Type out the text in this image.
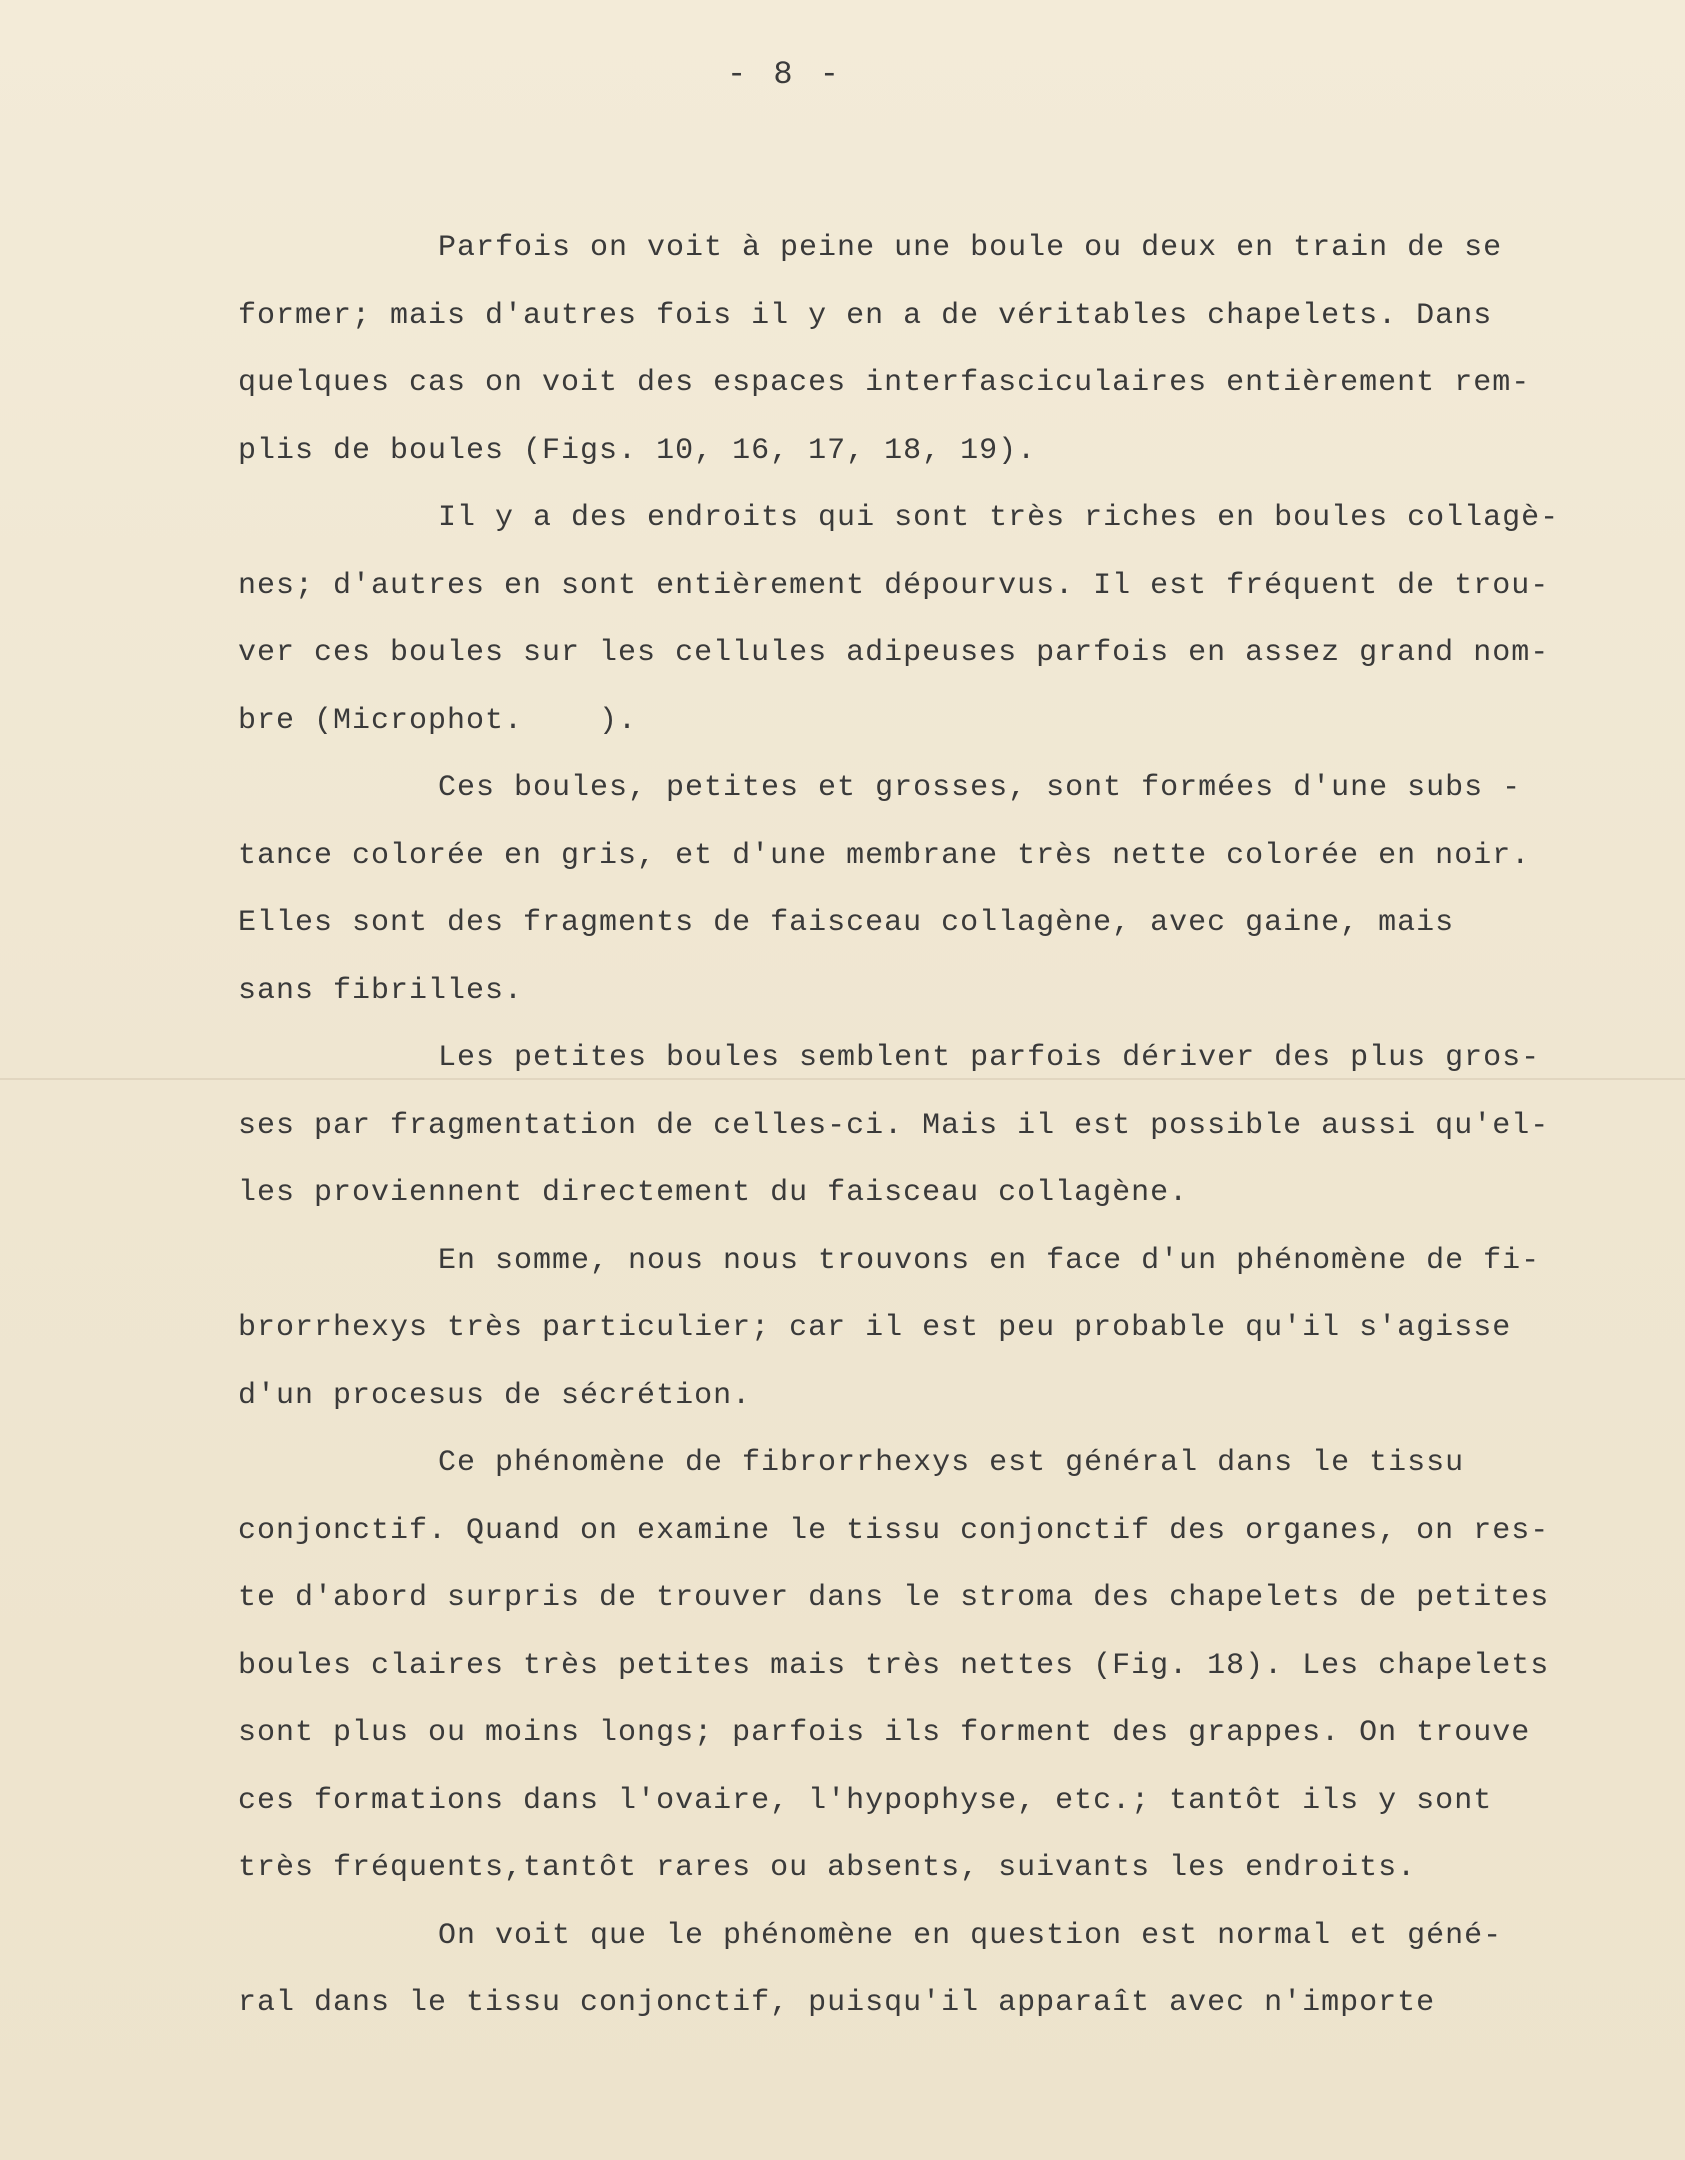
- 8 -
Parfois on voit à peine une boule ou deux en train de se
former; mais d'autres fois il y en a de véritables chapelets. Dans
quelques cas on voit des espaces interfasciculaires entièrement rem-
plis de boules (Figs. 10, 16, 17, 18, 19).
Il y a des endroits qui sont très riches en boules collagè-
nes; d'autres en sont entièrement dépourvus. Il est fréquent de trou-
ver ces boules sur les cellules adipeuses parfois en assez grand nom-
bre (Microphot.    ).
Ces boules, petites et grosses, sont formées d'une subs -
tance colorée en gris, et d'une membrane très nette colorée en noir.
Elles sont des fragments de faisceau collagène, avec gaine, mais
sans fibrilles.
Les petites boules semblent parfois dériver des plus gros-
ses par fragmentation de celles-ci. Mais il est possible aussi qu'el-
les proviennent directement du faisceau collagène.
En somme, nous nous trouvons en face d'un phénomène de fi-
brorrhexys très particulier; car il est peu probable qu'il s'agisse
d'un procesus de sécrétion.
Ce phénomène de fibrorrhexys est général dans le tissu
conjonctif. Quand on examine le tissu conjonctif des organes, on res-
te d'abord surpris de trouver dans le stroma des chapelets de petites
boules claires très petites mais très nettes (Fig. 18). Les chapelets
sont plus ou moins longs; parfois ils forment des grappes. On trouve
ces formations dans l'ovaire, l'hypophyse, etc.; tantôt ils y sont
très fréquents,tantôt rares ou absents, suivants les endroits.
On voit que le phénomène en question est normal et géné-
ral dans le tissu conjonctif, puisqu'il apparaît avec n'importe
